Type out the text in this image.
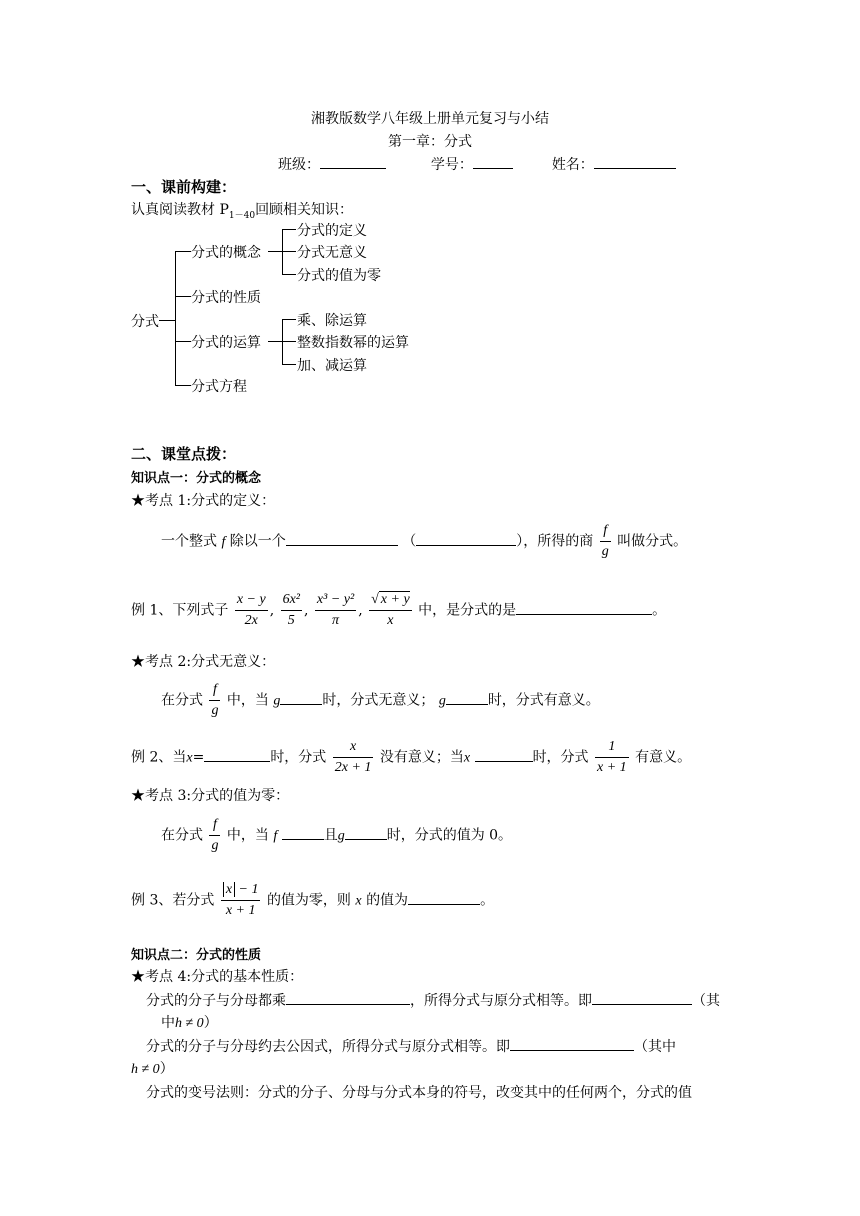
湘教版数学八年级上册单元复习与小结
第一章：分式
班级：	学号：	姓名：
一、课前构建：
认真阅读教材 $P_{1-40}$回顾相关知识：
分式
分式的概念
分式的性质
分式的运算
分式方程
分式的定义
分式无意义
分式的值为零
乘、除运算
整数指数幂的运算
加、减运算
二、课堂点拨：
知识点一：分式的概念
★考点 1:分式的定义：
一个整式 f 除以一个	（	），所得的商 $\frac{f}{g}$ 叫做分式。
例 1、下列式子 $\frac{x - y}{2x}$ , $\frac{\text{6x²}}{5}$ , $\frac{\text{x³ − y²}}{\pi}$ , $\frac{√ x + y}{x}$ 中，是分式的是	。
★考点 2:分式无意义：
在分式 $\frac{f}{g}$ 中，当 g	时，分式无意义； g	时，分式有意义。
例 2、当x=	时，分式 $\frac{x}{2x + 1}$ 没有意义；当x	时，分式 $\frac{1}{x + 1}$ 有意义。
★考点 3:分式的值为零：
在分式 $\frac{f}{g}$ 中，当 f	且g	时，分式的值为 0。
例 3、若分式 $\frac{x - 1}{x + 1}$ 的值为零，则 x 的值为	。
知识点二：分式的性质
★考点 4:分式的基本性质：
分式的分子与分母都乘	，所得分式与原分式相等。即	（其
中h ≠ 0）
分式的分子与分母约去公因式，所得分式与原分式相等。即	（其中
h ≠ 0）
分式的变号法则：分式的分子、分母与分式本身的符号，改变其中的任何两个，分式的值
